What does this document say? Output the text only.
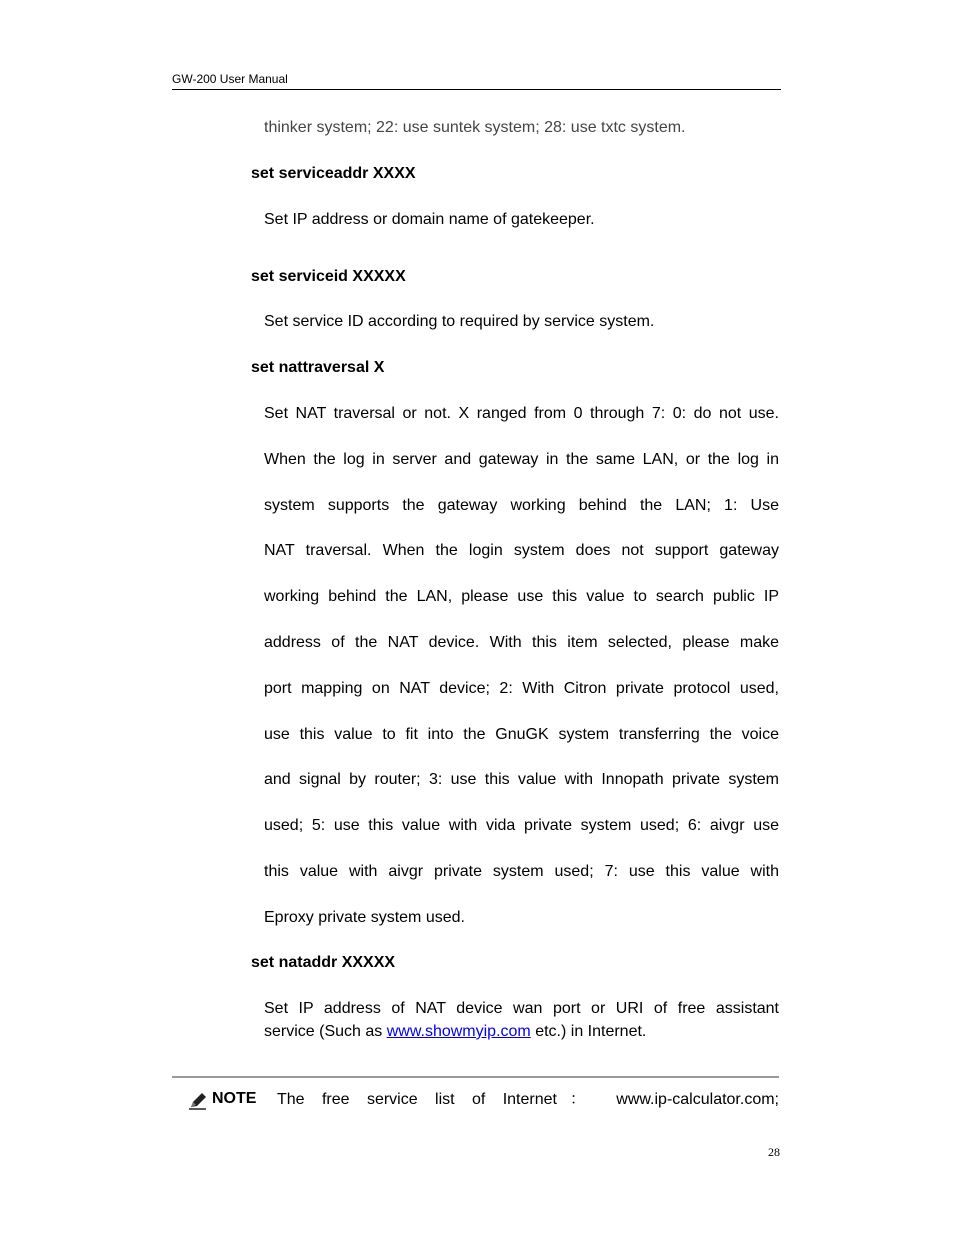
GW-200 User Manual
thinker system; 22: use suntek system; 28: use txtc system.
set serviceaddr XXXX
Set IP address or domain name of gatekeeper.
set serviceid XXXXX
Set service ID according to required by service system.
set nattraversal X
Set NAT traversal or not. X ranged from 0 through 7: 0: do not use.
When the log in server and gateway in the same LAN, or the log in
system supports the gateway working behind the LAN; 1: Use
NAT traversal. When the login system does not support gateway
working behind the LAN, please use this value to search public IP
address of the NAT device. With this item selected, please make
port mapping on NAT device; 2: With Citron private protocol used,
use this value to fit into the GnuGK system transferring the voice
and signal by router; 3: use this value with Innopath private system
used; 5: use this value with vida private system used; 6: aivgr use
this value with aivgr private system used; 7: use this value with
Eproxy private system used.
set nataddr XXXXX
Set IP address of NAT device wan port or URI of free assistant
service (Such as www.showmyip.com etc.) in Internet.
NOTE The free service list of Internet： www.ip-calculator.com;
28
